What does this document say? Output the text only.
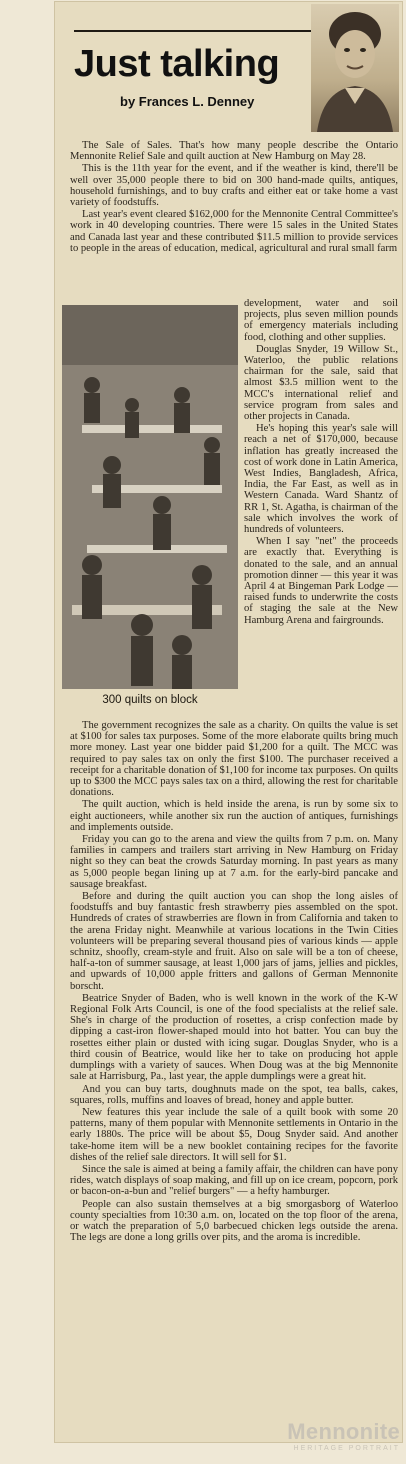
Just talking
by Frances L. Denney

The Sale of Sales. That's how many people describe the Ontario Mennonite Relief Sale and quilt auction at New Hamburg on May 28.

This is the 11th year for the event, and if the weather is kind, there'll be well over 35,000 people there to bid on 300 hand-made quilts, antiques, household furnishings, and to buy crafts and either eat or take home a vast variety of foodstuffs.

Last year's event cleared $162,000 for the Mennonite Central Committee's work in 40 developing countries. There were 15 sales in the United States and Canada last year and these contributed $11.5 million to provide services to people in the areas of education, medical, agricultural and rural small farm

300 quilts on block

development, water and soil projects, plus seven million pounds of emergency materials including food, clothing and other supplies.

Douglas Snyder, 19 Willow St., Waterloo, the public relations chairman for the sale, said that almost $3.5 million went to the MCC's international relief and service program from sales and other projects in Canada.

He's hoping this year's sale will reach a net of $170,000, because inflation has greatly increased the cost of work done in Latin America, West Indies, Bangladesh, Africa, India, the Far East, as well as in Western Canada. Ward Shantz of RR 1, St. Agatha, is chairman of the sale which involves the work of hundreds of volunteers.

When I say "net" the proceeds are exactly that. Everything is donated to the sale, and an annual promotion dinner — this year it was April 4 at Bingeman Park Lodge — raised funds to underwrite the costs of staging the sale at the New Hamburg Arena and fairgrounds.

The government recognizes the sale as a charity. On quilts the value is set at $100 for sales tax purposes. Some of the more elaborate quilts bring much more money. Last year one bidder paid $1,200 for a quilt. The MCC was required to pay sales tax on only the first $100. The purchaser received a receipt for a charitable donation of $1,100 for income tax purposes. On quilts up to $300 the MCC pays sales tax on a third, allowing the rest for charitable donations.

The quilt auction, which is held inside the arena, is run by some six to eight auctioneers, while another six run the auction of antiques, furnishings and implements outside.

Friday you can go to the arena and view the quilts from 7 p.m. on. Many families in campers and trailers start arriving in New Hamburg on Friday night so they can beat the crowds Saturday morning. In past years as many as 5,000 people began lining up at 7 a.m. for the early-bird pancake and sausage breakfast.

Before and during the quilt auction you can shop the long aisles of foodstuffs and buy fantastic fresh strawberry pies assembled on the spot. Hundreds of crates of strawberries are flown in from California and taken to the arena Friday night. Meanwhile at various locations in the Twin Cities volunteers will be preparing several thousand pies of various kinds — apple schnitz, shoofly, cream-style and fruit. Also on sale will be a ton of cheese, half-a-ton of summer sausage, at least 1,000 jars of jams, jellies and pickles, and upwards of 10,000 apple fritters and gallons of German Mennonite borscht.

Beatrice Snyder of Baden, who is well known in the work of the K-W Regional Folk Arts Council, is one of the food specialists at the relief sale. She's in charge of the production of rosettes, a crisp confection made by dipping a cast-iron flower-shaped mould into hot batter. You can buy the rosettes either plain or dusted with icing sugar. Douglas Snyder, who is a third cousin of Beatrice, would like her to take on producing hot apple dumplings with a variety of sauces. When Doug was at the big Mennonite sale at Harrisburg, Pa., last year, the apple dumplings were a great hit.

And you can buy tarts, doughnuts made on the spot, tea balls, cakes, squares, rolls, muffins and loaves of bread, honey and apple butter.

New features this year include the sale of a quilt book with some 20 patterns, many of them popular with Mennonite settlements in Ontario in the early 1880s. The price will be about $5, Doug Snyder said. And another take-home item will be a new booklet containing recipes for the favorite dishes of the relief sale directors. It will sell for $1.

Since the sale is aimed at being a family affair, the children can have pony rides, watch displays of soap making, and fill up on ice cream, popcorn, pork or bacon-on-a-bun and "relief burgers" — a hefty hamburger.

People can also sustain themselves at a big smorgasborg of Waterloo county specialties from 10:30 a.m. on, located on the top floor of the arena, or watch the preparation of 5,0 barbecued chicken legs outside the arena. The legs are done a long grills over pits, and the aroma is incredible.

Mennonite
HERITAGE PORTRAIT
